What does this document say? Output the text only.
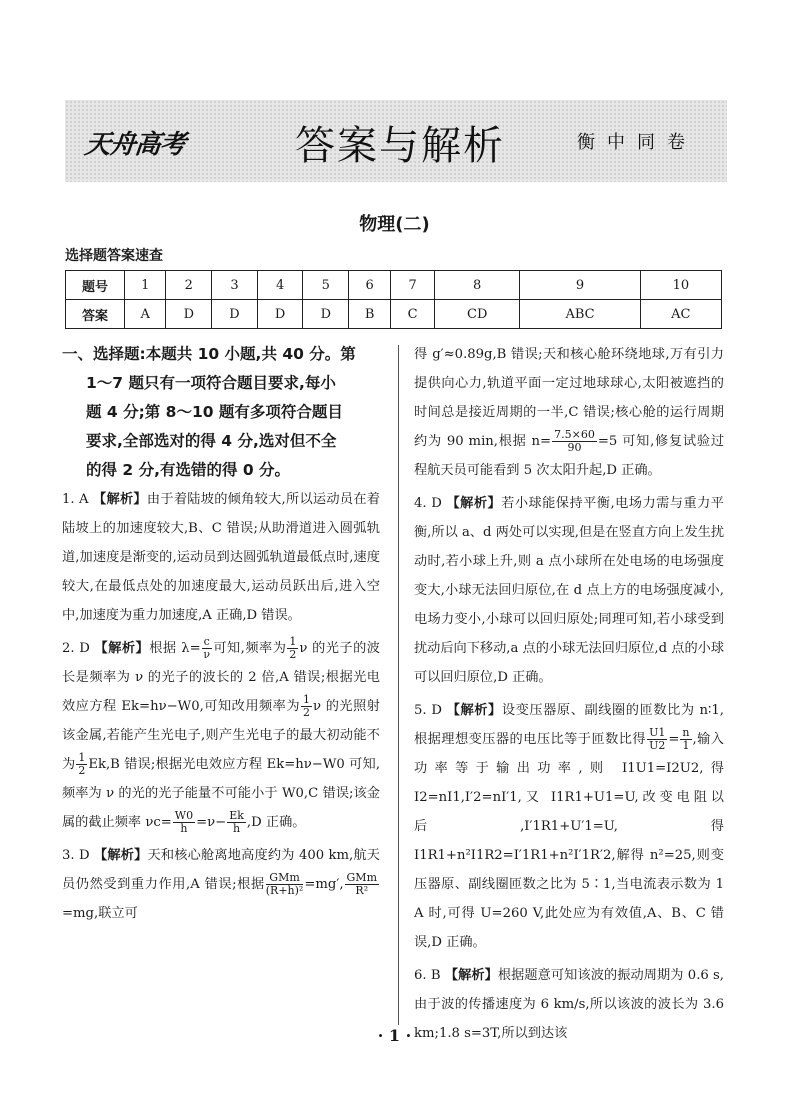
天舟高考	答案与解析	衡中同卷
物理(二)
选择题答案速查
题号	1	2	3	4	5	6	7	8	9	10
答案	A	D	D	D	D	B	C	CD	ABC	AC
一、选择题:本题共 10 小题,共 40 分。第
1～7 题只有一项符合题目要求,每小
题 4 分;第 8～10 题有多项符合题目
要求,全部选对的得 4 分,选对但不全
的得 2 分,有选错的得 0 分。
1. A 【解析】由于着陆坡的倾角较大,所以运动员在着陆坡上的加速度较大,B、C 错误;从助滑道进入圆弧轨道,加速度是渐变的,运动员到达圆弧轨道最低点时,速度较大,在最低点处的加速度最大,运动员跃出后,进入空中,加速度为重力加速度,A 正确,D 错误。
2. D 【解析】根据 $\lambda= \frac{c}{\nu}$ 可知,频率为 $\frac{1}{2}$ ν 的光子的波长是频率为 ν 的光子的波长的 2 倍,A 错误;根据光电效应方程 Ek=hν−W0,可知改用频率为 $\frac{1}{2}$ ν 的光照射该金属,若能产生光电子,则产生光电子的最大初动能不为 $\frac{1}{2} Ek,B$ 错误;根据光电效应方程 Ek=hν−W0 可知,频率为 ν 的光的光子能量不可能小于 W0,C 错误;该金属的截止频率 $\nu c= \frac{W0}{h} =\nu- \frac{Ek}{h} ,D$ 正确。
3. D 【解析】天和核心舱离地高度约为 400 km,航天员仍然受到重力作用,A 错误;根据 $\frac{\text{GMm}}{\text{(R+h)²}} =mg'$, $\frac{\text{GMm}}{\text{R²}}$
=mg,联立可
得 g′≈0.89g,B 错误;天和核心舱环绕地球,万有引力提供向心力,轨道平面一定过地球球心,太阳被遮挡的时间总是接近周期的一半,C 错误;核心舱的运行周期约为 90 min,根据 $n= \frac{7.5\times 60}{90} =5$ 可知,修复试验过程航天员可能看到 5 次太阳升起,D 正确。
4. D 【解析】若小球能保持平衡,电场力需与重力平衡,所以 a、d 两处可以实现,但是在竖直方向上发生扰动时,若小球上升,则 a 点小球所在处电场的电场强度变大,小球无法回归原位,在 d 点上方的电场强度减小,电场力变小,小球可以回归原处;同理可知,若小球受到扰动后向下移动,a 点的小球无法回归原位,d 点的小球可以回归原位,D 正确。
5. D 【解析】设变压器原、副线圈的匝数比为 n∶1,根据理想变压器的电压比等于匝数比得 $\frac{U1}{U2} = \frac{n}{1}$ ,输入功率等于输出功率,则 I1U1=I2U2,得 I2=nI1,I′2=nI′1,又 I1R1+U1=U,改变电阻以后,I′1R1+U′1=U,得 I1R1+n²I1R2=I′1R1+n²I′1R′2,解得 n²=25,则变压器原、副线圈匝数之比为 5∶1,当电流表示数为 1 A 时,可得 U=260 V,此处应为有效值,A、B、C 错误,D 正确。
6. B 【解析】根据题意可知该波的振动周期为 0.6 s,由于波的传播速度为 6 km/s,所以该波的波长为 3.6 km;1.8 s=3T,所以到达该
· 1 ·
